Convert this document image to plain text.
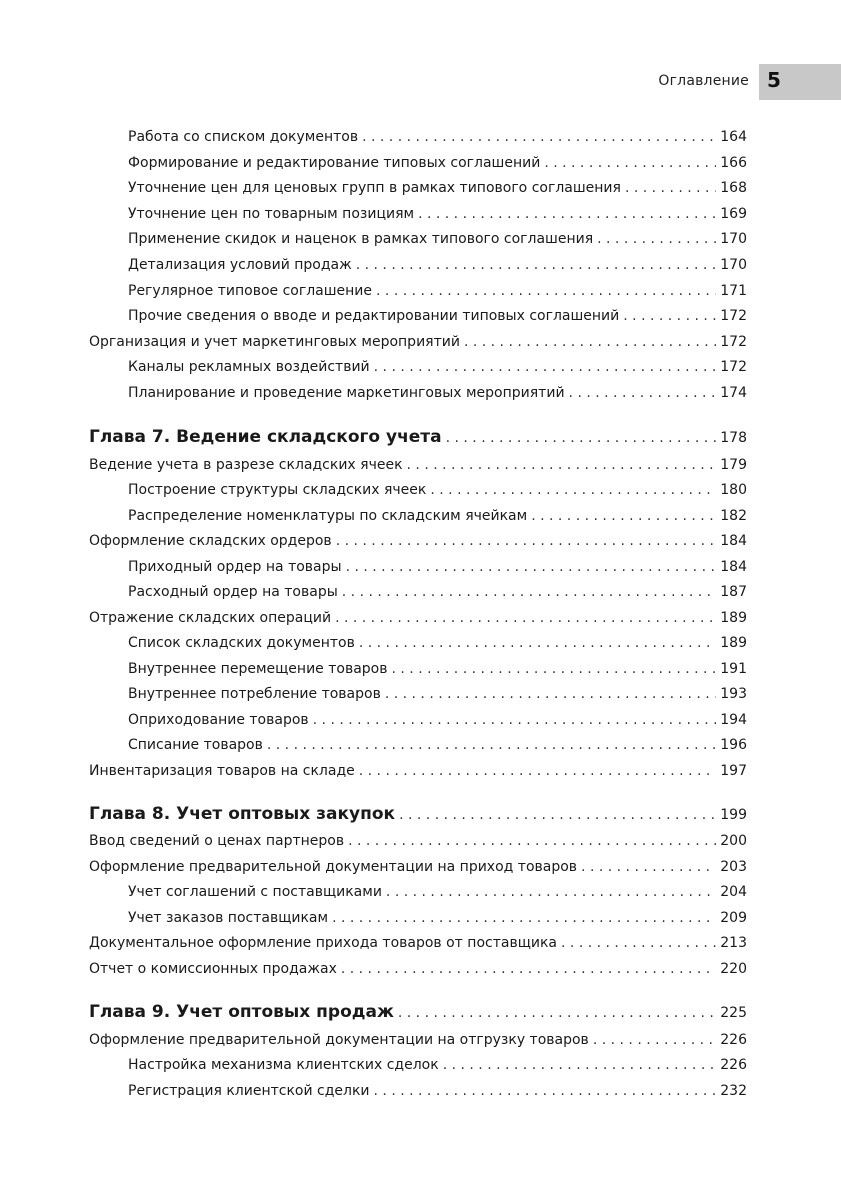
Оглавление 5
Работа со списком документов . . .	164
Формирование и редактирование типовых соглашений . . .	166
Уточнение цен для ценовых групп в рамках типового соглашения . . .	168
Уточнение цен по товарным позициям . . .	169
Применение скидок и наценок в рамках типового соглашения . . .	170
Детализация условий продаж . . .	170
Регулярное типовое соглашение . . .	171
Прочие сведения о вводе и редактировании типовых соглашений . . .	172
Организация и учет маркетинговых мероприятий . . .	172
Каналы рекламных воздействий . . .	172
Планирование и проведение маркетинговых мероприятий . . .	174
Глава 7. Ведение складского учета . . .	178
Ведение учета в разрезе складских ячеек . . .	179
Построение структуры складских ячеек . . .	180
Распределение номенклатуры по складским ячейкам . . .	182
Оформление складских ордеров . . .	184
Приходный ордер на товары . . .	184
Расходный ордер на товары . . .	187
Отражение складских операций . . .	189
Список складских документов . . .	189
Внутреннее перемещение товаров . . .	191
Внутреннее потребление товаров . . .	193
Оприходование товаров . . .	194
Списание товаров . . .	196
Инвентаризация товаров на складе . . .	197
Глава 8. Учет оптовых закупок . . .	199
Ввод сведений о ценах партнеров . . .	200
Оформление предварительной документации на приход товаров . . .	203
Учет соглашений с поставщиками . . .	204
Учет заказов поставщикам . . .	209
Документальное оформление прихода товаров от поставщика . . .	213
Отчет о комиссионных продажах . . .	220
Глава 9. Учет оптовых продаж . . .	225
Оформление предварительной документации на отгрузку товаров . . .	226
Настройка механизма клиентских сделок . . .	226
Регистрация клиентской сделки . . .	232
